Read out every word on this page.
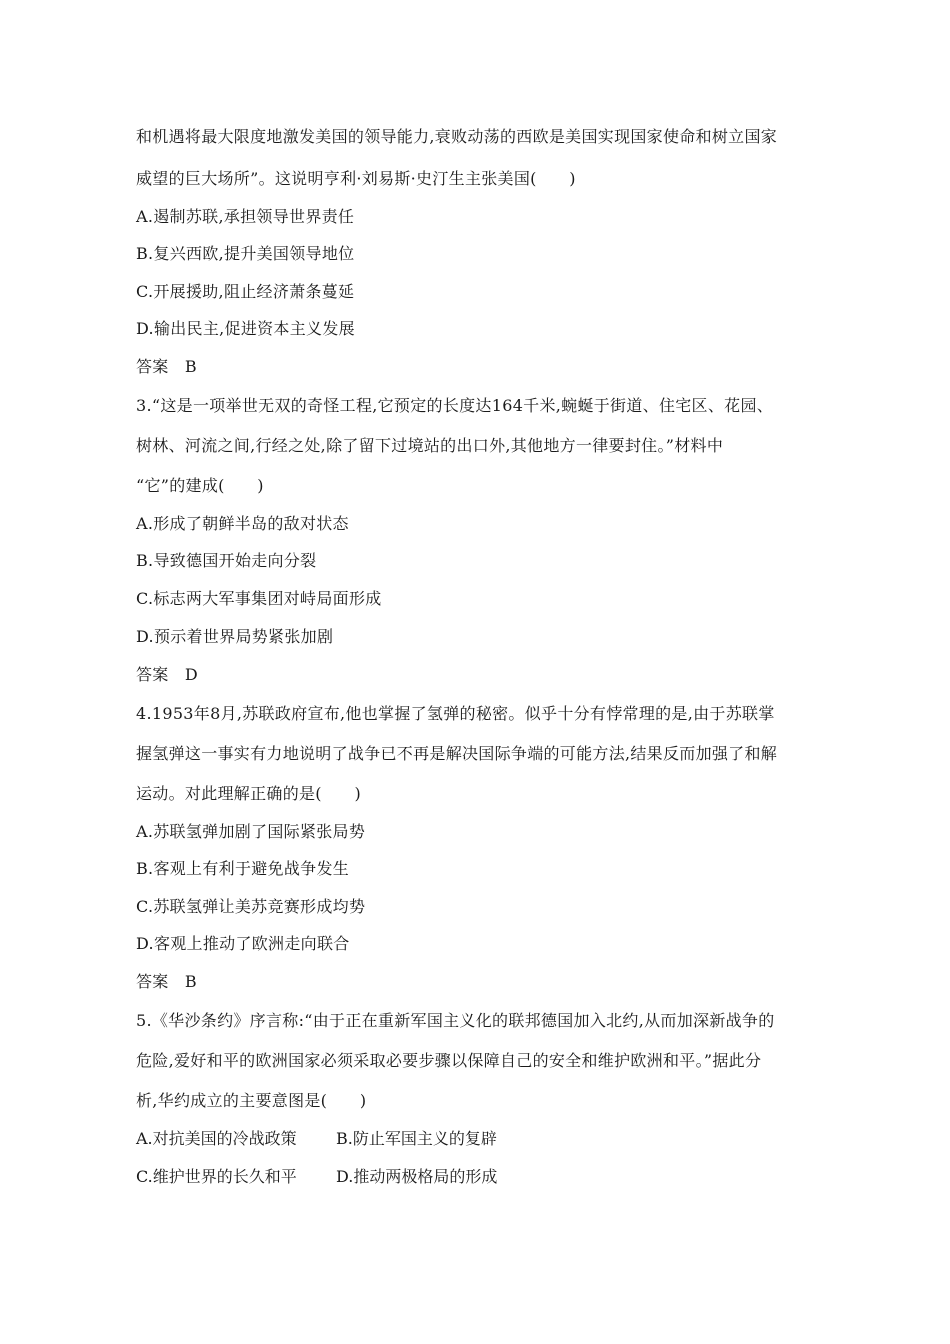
和机遇将最大限度地激发美国的领导能力,衰败动荡的西欧是美国实现国家使命和树立国家
威望的巨大场所”。这说明亨利·刘易斯·史汀生主张美国(　　)
A.遏制苏联,承担领导世界责任
B.复兴西欧,提升美国领导地位
C.开展援助,阻止经济萧条蔓延
D.输出民主,促进资本主义发展
答案　B
3.“这是一项举世无双的奇怪工程,它预定的长度达164千米,蜿蜒于街道、住宅区、花园、
树林、河流之间,行经之处,除了留下过境站的出口外,其他地方一律要封住。”材料中
“它”的建成(　　)
A.形成了朝鲜半岛的敌对状态
B.导致德国开始走向分裂
C.标志两大军事集团对峙局面形成
D.预示着世界局势紧张加剧
答案　D
4.1953年8月,苏联政府宣布,他也掌握了氢弹的秘密。似乎十分有悖常理的是,由于苏联掌
握氢弹这一事实有力地说明了战争已不再是解决国际争端的可能方法,结果反而加强了和解
运动。对此理解正确的是(　　)
A.苏联氢弹加剧了国际紧张局势
B.客观上有利于避免战争发生
C.苏联氢弹让美苏竞赛形成均势
D.客观上推动了欧洲走向联合
答案　B
5.《华沙条约》序言称:“由于正在重新军国主义化的联邦德国加入北约,从而加深新战争的
危险,爱好和平的欧洲国家必须采取必要步骤以保障自己的安全和维护欧洲和平。”据此分
析,华约成立的主要意图是(　　)
A.对抗美国的冷战政策 B.防止军国主义的复辟
C.维护世界的长久和平 D.推动两极格局的形成
